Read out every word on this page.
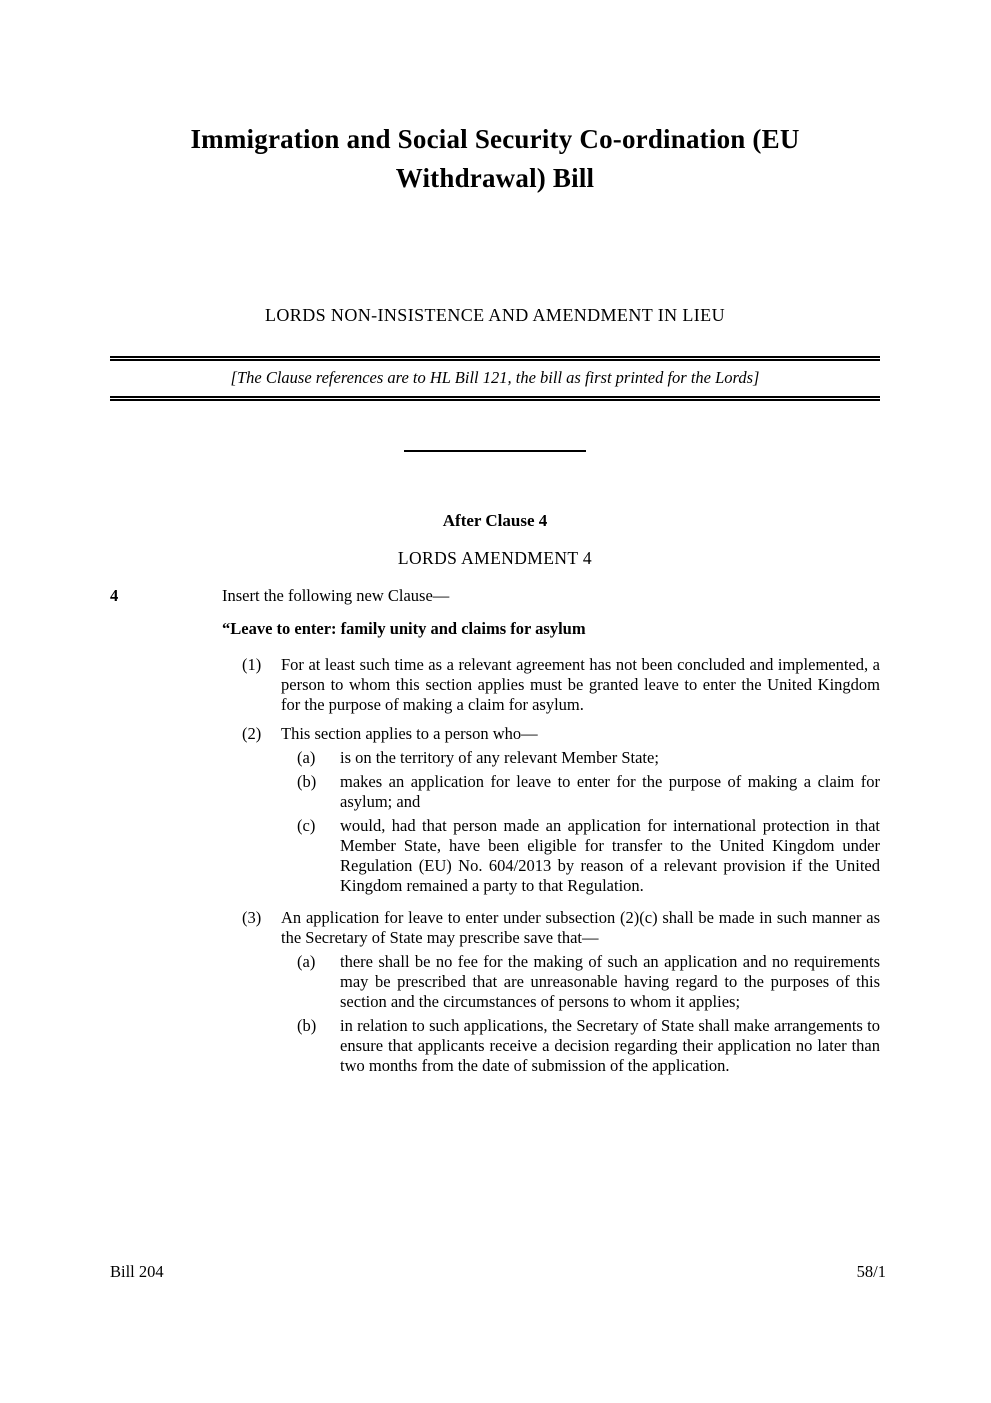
Immigration and Social Security Co-ordination (EU
Withdrawal) Bill
LORDS NON-INSISTENCE AND AMENDMENT IN LIEU
[The Clause references are to HL Bill 121, the bill as first printed for the Lords]
After Clause 4
LORDS AMENDMENT 4
4	Insert the following new Clause—
“Leave to enter: family unity and claims for asylum
(1)	For at least such time as a relevant agreement has not been concluded and implemented, a person to whom this section applies must be granted leave to enter the United Kingdom for the purpose of making a claim for asylum.
(2)	This section applies to a person who—
(a)	is on the territory of any relevant Member State;
(b)	makes an application for leave to enter for the purpose of making a claim for asylum; and
(c)	would, had that person made an application for international protection in that Member State, have been eligible for transfer to the United Kingdom under Regulation (EU) No. 604/2013 by reason of a relevant provision if the United Kingdom remained a party to that Regulation.
(3)	An application for leave to enter under subsection (2)(c) shall be made in such manner as the Secretary of State may prescribe save that—
(a)	there shall be no fee for the making of such an application and no requirements may be prescribed that are unreasonable having regard to the purposes of this section and the circumstances of persons to whom it applies;
(b)	in relation to such applications, the Secretary of State shall make arrangements to ensure that applicants receive a decision regarding their application no later than two months from the date of submission of the application.
Bill 204	58/1
